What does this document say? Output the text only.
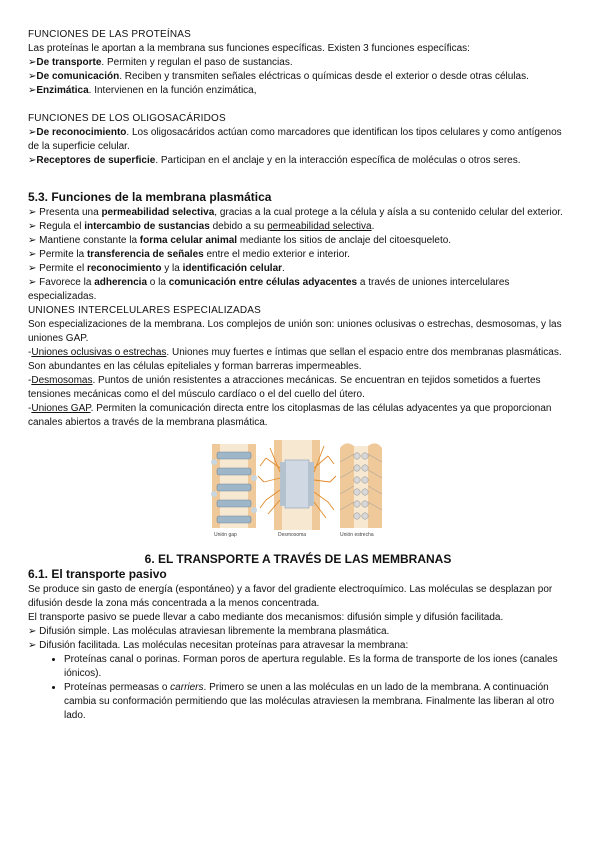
FUNCIONES DE LAS PROTEÍNAS

Las proteínas le aportan a la membrana sus funciones específicas. Existen 3 funciones específicas:

➢ De transporte. Permiten y regulan el paso de sustancias.

➢ De comunicación. Reciben y transmiten señales eléctricas o químicas desde el exterior o desde otras células.

➢ Enzimática. Intervienen en la función enzimática,

FUNCIONES DE LOS OLIGOSACÁRIDOS

➢ De reconocimiento. Los oligosacáridos actúan como marcadores que identifican los tipos celulares y como antígenos de la superficie celular.

➢ Receptores de superficie. Participan en el anclaje y en la interacción específica de moléculas o otros seres.

5.3. Funciones de la membrana plasmática

➢ Presenta una permeabilidad selectiva, gracias a la cual protege a la célula y aísla a su contenido celular del exterior.

➢ Regula el intercambio de sustancias debido a su permeabilidad selectiva.

➢ Mantiene constante la forma celular animal mediante los sitios de anclaje del citoesqueleto.

➢ Permite la transferencia de señales entre el medio exterior e interior.

➢ Permite el reconocimiento y la identificación celular.

➢ Favorece la adherencia o la comunicación entre células adyacentes a través de uniones intercelulares especializadas.

UNIONES INTERCELULARES ESPECIALIZADAS

Son especializaciones de la membrana. Los complejos de unión son: uniones oclusivas o estrechas, desmosomas, y las uniones GAP.

-Uniones oclusivas o estrechas. Uniones muy fuertes e íntimas que sellan el espacio entre dos membranas plasmáticas. Son abundantes en las células epiteliales y forman barreras impermeables.

-Desmosomas. Puntos de unión resistentes a atracciones mecánicas. Se encuentran en tejidos sometidos a fuertes tensiones mecánicas como el del músculo cardíaco o el del cuello del útero.

-Uniones GAP. Permiten la comunicación directa entre los citoplasmas de las células adyacentes ya que proporcionan canales abiertos a través de la membrana plasmática.

Unión gap	Desmosoma	Unión estrecha
6. EL TRANSPORTE A TRAVÉS DE LAS MEMBRANAS
6.1. El transporte pasivo

Se produce sin gasto de energía (espontáneo) y a favor del gradiente electroquímico. Las moléculas se desplazan por difusión desde la zona más concentrada a la menos concentrada.

El transporte pasivo se puede llevar a cabo mediante dos mecanismos: difusión simple y difusión facilitada.

➢ Difusión simple. Las moléculas atraviesan libremente la membrana plasmática.

➢ Difusión facilitada. Las moléculas necesitan proteínas para atravesar la membrana:

• Proteínas canal o porinas. Forman poros de apertura regulable. Es la forma de transporte de los iones (canales iónicos).
• Proteínas permeasas o carriers. Primero se unen a las moléculas en un lado de la membrana. A continuación cambia su conformación permitiendo que las moléculas atraviesen la membrana. Finalmente las liberan al otro lado.
